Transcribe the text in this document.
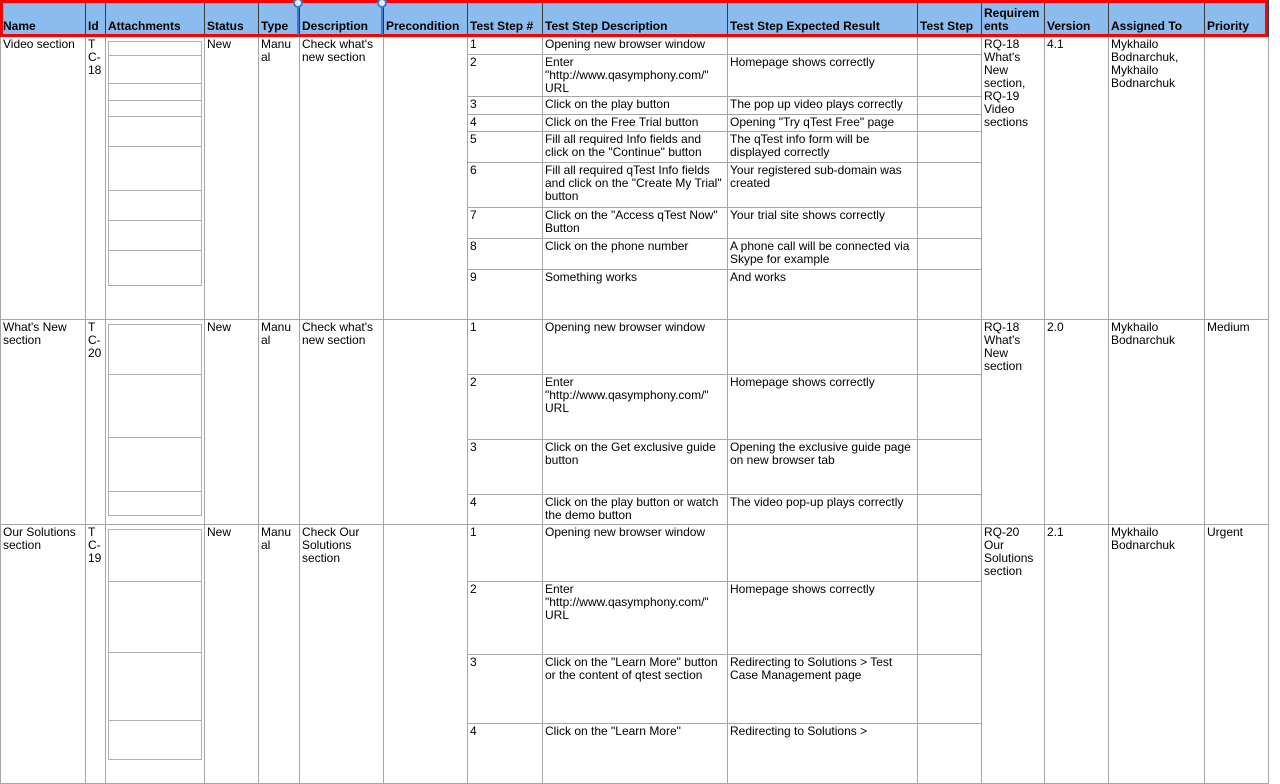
Name	Id	Attachments	Status	Type	Description	Precondition	Test Step #	Test Step Description	Test Step Expected Result	Test Step	Requirements	Version	Assigned To	Priority
Video section	TC-18		New	Manual	Check what's new section		1	Opening new browser window			RQ-18 What's New section, RQ-19 Video sections	4.1	Mykhailo Bodnarchuk, Mykhailo Bodnarchuk	
							2	Enter "http://www.qasymphony.com/" URL	Homepage shows correctly					
							3	Click on the play button	The pop up video plays correctly					
							4	Click on the Free Trial button	Opening "Try qTest Free" page					
							5	Fill all required Info fields and click on the "Continue" button	The qTest info form will be displayed correctly					
							6	Fill all required qTest Info fields and click on the "Create My Trial" button	Your registered sub-domain was created					
							7	Click on the "Access qTest Now" Button	Your trial site shows correctly					
							8	Click on the phone number	A phone call will be connected via Skype for example					
							9	Something works	And works					
What's New section	TC-20		New	Manual	Check what's new section		1	Opening new browser window			RQ-18 What's New section	2.0	Mykhailo Bodnarchuk	Medium
							2	Enter "http://www.qasymphony.com/" URL	Homepage shows correctly					
							3	Click on the Get exclusive guide button	Opening the exclusive guide page on new browser tab					
							4	Click on the play button or watch the demo button	The video pop-up plays correctly					
Our Solutions section	TC-19		New	Manual	Check Our Solutions section		1	Opening new browser window			RQ-20 Our Solutions section	2.1	Mykhailo Bodnarchuk	Urgent
							2	Enter "http://www.qasymphony.com/" URL	Homepage shows correctly					
							3	Click on the "Learn More" button or the content of qtest section	Redirecting to Solutions > Test Case Management page					
							4	Click on the "Learn More"	Redirecting to Solutions >					
